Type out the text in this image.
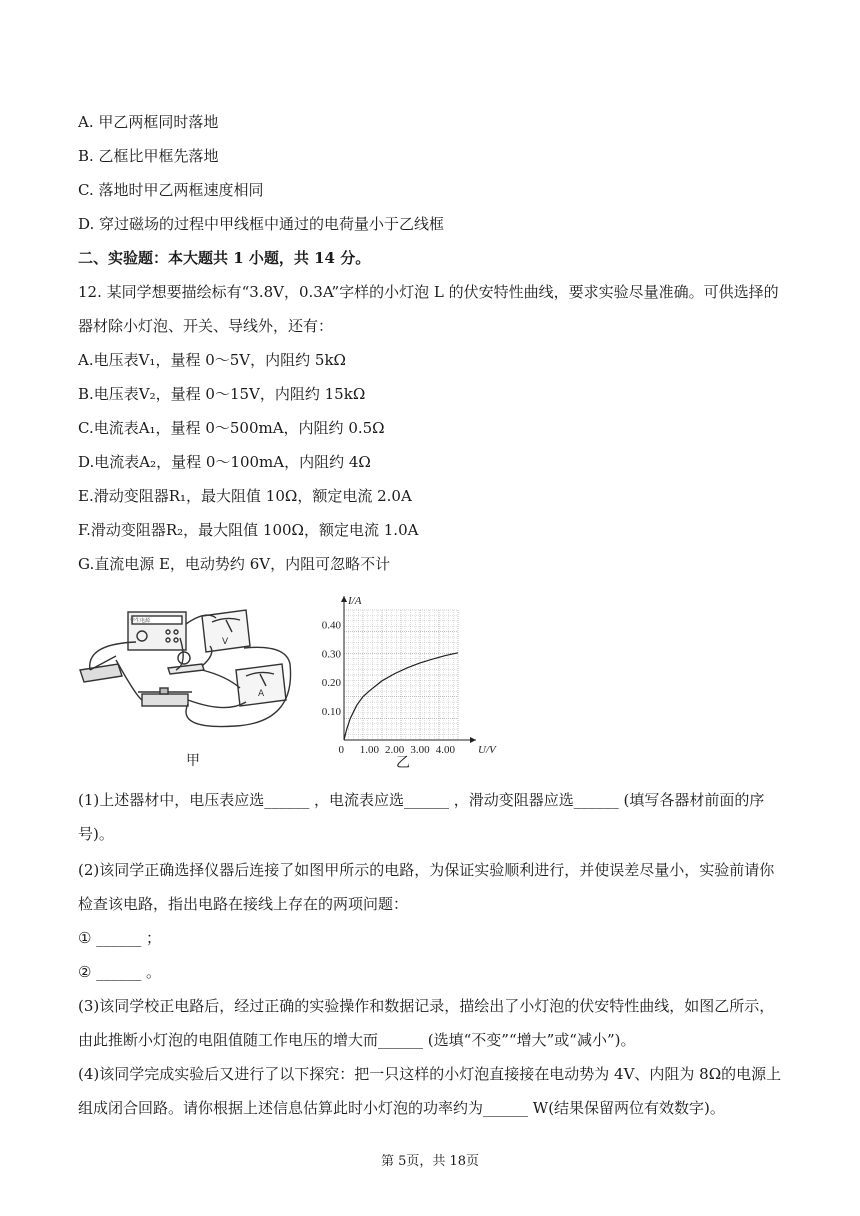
A. 甲乙两框同时落地
B. 乙框比甲框先落地
C. 落地时甲乙两框速度相同
D. 穿过磁场的过程中甲线框中通过的电荷量小于乙线框
二、实验题：本大题共 1 小题，共 14 分。
12. 某同学想要描绘标有“3.8V，0.3A”字样的小灯泡 L 的伏安特性曲线，要求实验尽量准确。可供选择的
器材除小灯泡、开关、导线外，还有：
A.电压表V₁，量程 0～5V，内阻约 5kΩ
B.电压表V₂，量程 0～15V，内阻约 15kΩ
C.电流表A₁，量程 0～500mA，内阻约 0.5Ω
D.电流表A₂，量程 0～100mA，内阻约 4Ω
E.滑动变阻器R₁，最大阻值 10Ω，额定电流 2.0A
F.滑动变阻器R₂，最大阻值 100Ω，额定电流 1.0A
G.直流电源 E，电动势约 6V，内阻可忽略不计
学生电源
V
A
甲
0 1.00 2.00 3.00 4.00
0.10
0.20
0.30
0.40
U/V
I/A
乙
(1)上述器材中，电压表应选______ ，电流表应选______ ，滑动变阻器应选______ (填写各器材前面的序
号)。
(2)该同学正确选择仪器后连接了如图甲所示的电路，为保证实验顺利进行，并使误差尽量小，实验前请你
检查该电路，指出电路在接线上存在的两项问题：
① ______ ；
② ______ 。
(3)该同学校正电路后，经过正确的实验操作和数据记录，描绘出了小灯泡的伏安特性曲线，如图乙所示，
由此推断小灯泡的电阻值随工作电压的增大而______ (选填“不变”“增大”或“减小”)。
(4)该同学完成实验后又进行了以下探究：把一只这样的小灯泡直接接在电动势为 4V、内阻为 8Ω的电源上
组成闭合回路。请你根据上述信息估算此时小灯泡的功率约为______ W(结果保留两位有效数字)。
第 5页，共 18页
